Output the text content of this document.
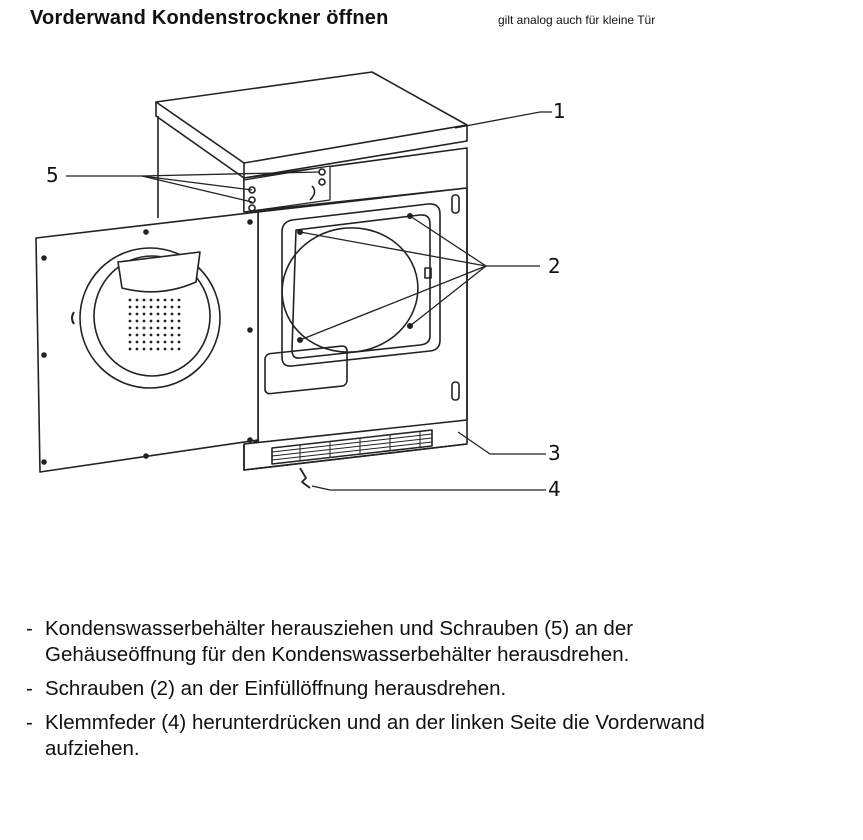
Vorderwand Kondenstrockner öffnen	gilt analog auch für kleine Tür
1
2
3
4
5
- Kondenswasserbehälter herausziehen und Schrauben (5) an der
Gehäuseöffnung für den Kondenswasserbehälter herausdrehen.
- Schrauben (2) an der Einfüllöffnung herausdrehen.
- Klemmfeder (4) herunterdrücken und an der linken Seite die Vorderwand
aufziehen.
